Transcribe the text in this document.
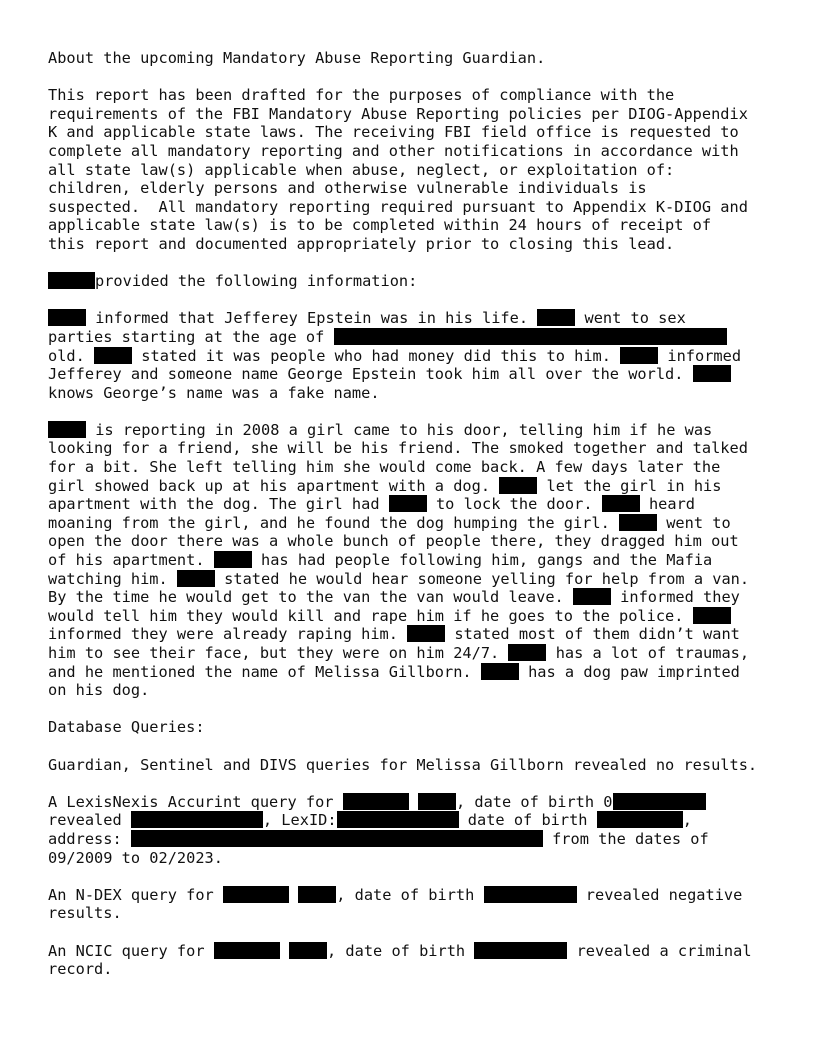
About the upcoming Mandatory Abuse Reporting Guardian.
This report has been drafted for the purposes of compliance with the
requirements of the FBI Mandatory Abuse Reporting policies per DIOG-Appendix
K and applicable state laws. The receiving FBI field office is requested to
complete all mandatory reporting and other notifications in accordance with
all state law(s) applicable when abuse, neglect, or exploitation of:
children, elderly persons and otherwise vulnerable individuals is
suspected.  All mandatory reporting required pursuant to Appendix K-DIOG and
applicable state law(s) is to be completed within 24 hours of receipt of
this report and documented appropriately prior to closing this lead.
provided the following information:
informed that Jefferey Epstein was in his life.  went to sex
parties starting at the age of
old.  stated it was people who had money did this to him.  informed
Jefferey and someone name George Epstein took him all over the world.
knows George’s name was a fake name.
is reporting in 2008 a girl came to his door, telling him if he was
looking for a friend, she will be his friend. The smoked together and talked
for a bit. She left telling him she would come back. A few days later the
girl showed back up at his apartment with a dog.  let the girl in his
apartment with the dog. The girl had  to lock the door.  heard
moaning from the girl, and he found the dog humping the girl.  went to
open the door there was a whole bunch of people there, they dragged him out
of his apartment.  has had people following him, gangs and the Mafia
watching him.  stated he would hear someone yelling for help from a van.
By the time he would get to the van the van would leave.  informed they
would tell him they would kill and rape him if he goes to the police.
informed they were already raping him.  stated most of them didn’t want
him to see their face, but they were on him 24/7.  has a lot of traumas,
and he mentioned the name of Melissa Gillborn.  has a dog paw imprinted
on his dog.
Database Queries:
Guardian, Sentinel and DIVS queries for Melissa Gillborn revealed no results.
A LexisNexis Accurint query for	, date of birth 0
revealed	, LexID:	date of birth	,
address:	from the dates of
09/2009 to 02/2023.
An N-DEX query for	, date of birth	revealed negative
results.
An NCIC query for	, date of birth	revealed a criminal
record.
